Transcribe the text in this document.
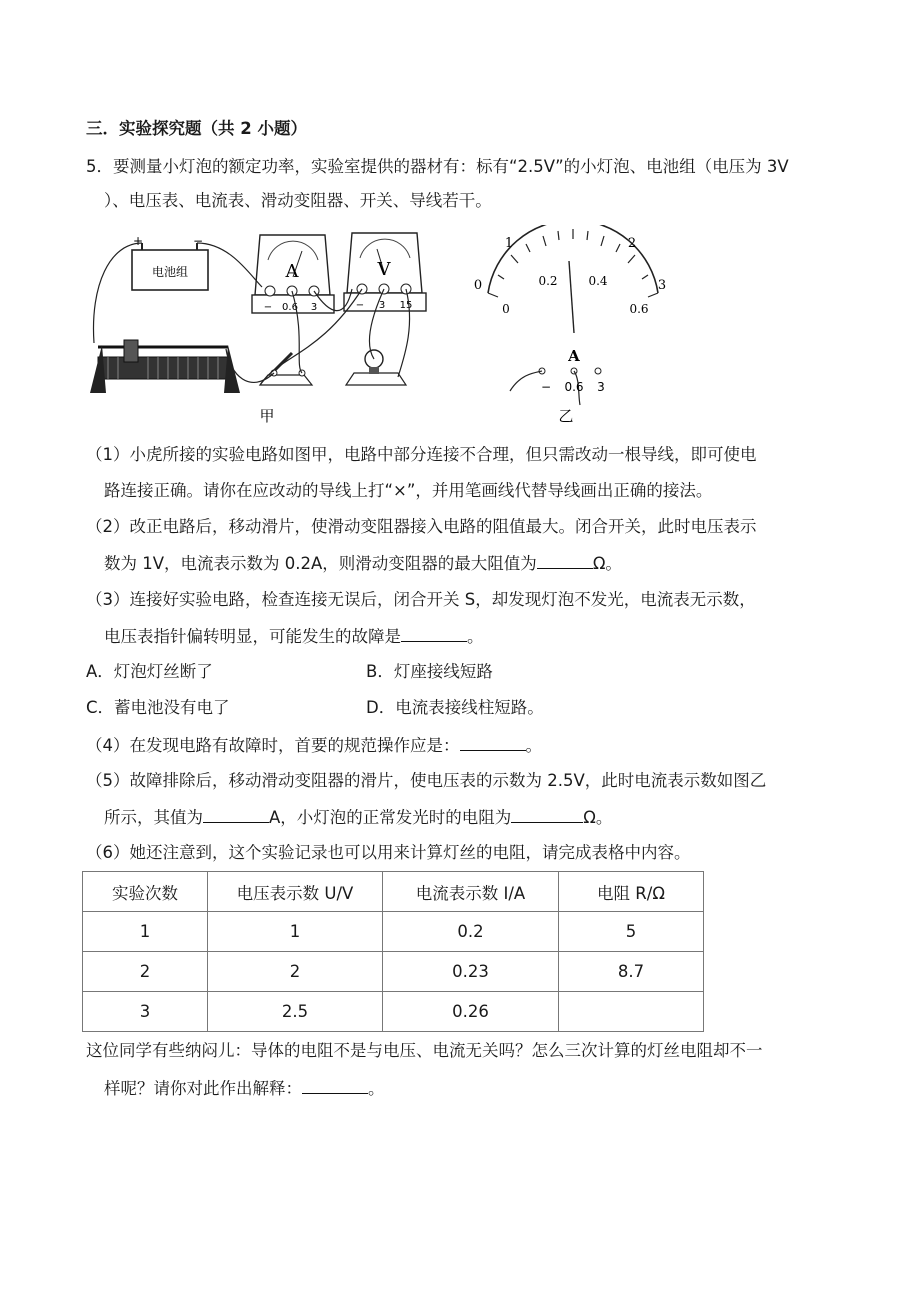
三．实验探究题（共 2 小题）
5．要测量小灯泡的额定功率，实验室提供的器材有：标有“2.5V”的小灯泡、电池组（电压为 3V
）、电压表、电流表、滑动变阻器、开关、导线若干。
电池组
+	−
A
− 0.6 3
V
− 3 15
甲
0
1	2
3
0
0.2	0.4
0.6
A
− 0.6 3
乙
（1）小虎所接的实验电路如图甲，电路中部分连接不合理，但只需改动一根导线，即可使电
路连接正确。请你在应改动的导线上打“×”，并用笔画线代替导线画出正确的接法。
（2）改正电路后，移动滑片，使滑动变阻器接入电路的阻值最大。闭合开关，此时电压表示
数为 1V，电流表示数为 0.2A，则滑动变阻器的最大阻值为	Ω。
（3）连接好实验电路，检查连接无误后，闭合开关 S，却发现灯泡不发光，电流表无示数，
电压表指针偏转明显，可能发生的故障是	。
A．灯泡灯丝断了	B．灯座接线短路
C．蓄电池没有电了	D．电流表接线柱短路。
（4）在发现电路有故障时，首要的规范操作应是：	。
（5）故障排除后，移动滑动变阻器的滑片，使电压表的示数为 2.5V，此时电流表示数如图乙
所示，其值为	A，小灯泡的正常发光时的电阻为	Ω。
（6）她还注意到，这个实验记录也可以用来计算灯丝的电阻，请完成表格中内容。
实验次数	电压表示数 U/V	电流表示数 I/A	电阻 R/Ω
1	1	0.2	5
2	2	0.23	8.7
3	2.5	0.26	
这位同学有些纳闷儿：导体的电阻不是与电压、电流无关吗？怎么三次计算的灯丝电阻却不一
样呢？请你对此作出解释：	。
